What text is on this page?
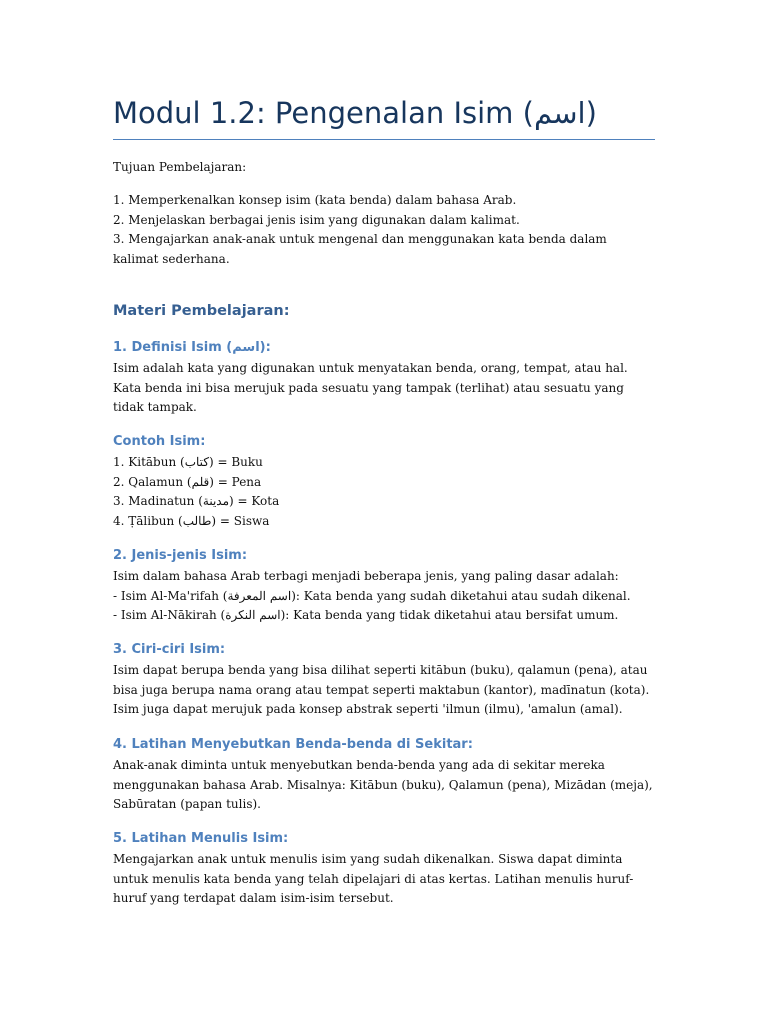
Modul 1.2: Pengenalan Isim (اسم)

Tujuan Pembelajaran:

1. Memperkenalkan konsep isim (kata benda) dalam bahasa Arab.
2. Menjelaskan berbagai jenis isim yang digunakan dalam kalimat.
3. Mengajarkan anak-anak untuk mengenal dan menggunakan kata benda dalam kalimat sederhana.

Materi Pembelajaran:
1. Definisi Isim (اسم):

Isim adalah kata yang digunakan untuk menyatakan benda, orang, tempat, atau hal. Kata benda ini bisa merujuk pada sesuatu yang tampak (terlihat) atau sesuatu yang tidak tampak.

Contoh Isim:

1. Kitābun (كتاب) = Buku
2. Qalamun (قلم) = Pena
3. Madinatun (مدينة) = Kota
4. Ṭālibun (طالب) = Siswa

2. Jenis-jenis Isim:

Isim dalam bahasa Arab terbagi menjadi beberapa jenis, yang paling dasar adalah:
- Isim Al-Ma'rifah (اسم المعرفة): Kata benda yang sudah diketahui atau sudah dikenal.
- Isim Al-Nākirah (اسم النكرة): Kata benda yang tidak diketahui atau bersifat umum.

3. Ciri-ciri Isim:

Isim dapat berupa benda yang bisa dilihat seperti kitābun (buku), qalamun (pena), atau bisa juga berupa nama orang atau tempat seperti maktabun (kantor), madīnatun (kota). Isim juga dapat merujuk pada konsep abstrak seperti 'ilmun (ilmu), 'amalun (amal).

4. Latihan Menyebutkan Benda-benda di Sekitar:

Anak-anak diminta untuk menyebutkan benda-benda yang ada di sekitar mereka menggunakan bahasa Arab. Misalnya: Kitābun (buku), Qalamun (pena), Mizādan (meja), Sabūratan (papan tulis).

5. Latihan Menulis Isim:

Mengajarkan anak untuk menulis isim yang sudah dikenalkan. Siswa dapat diminta untuk menulis kata benda yang telah dipelajari di atas kertas. Latihan menulis huruf-huruf yang terdapat dalam isim-isim tersebut.
